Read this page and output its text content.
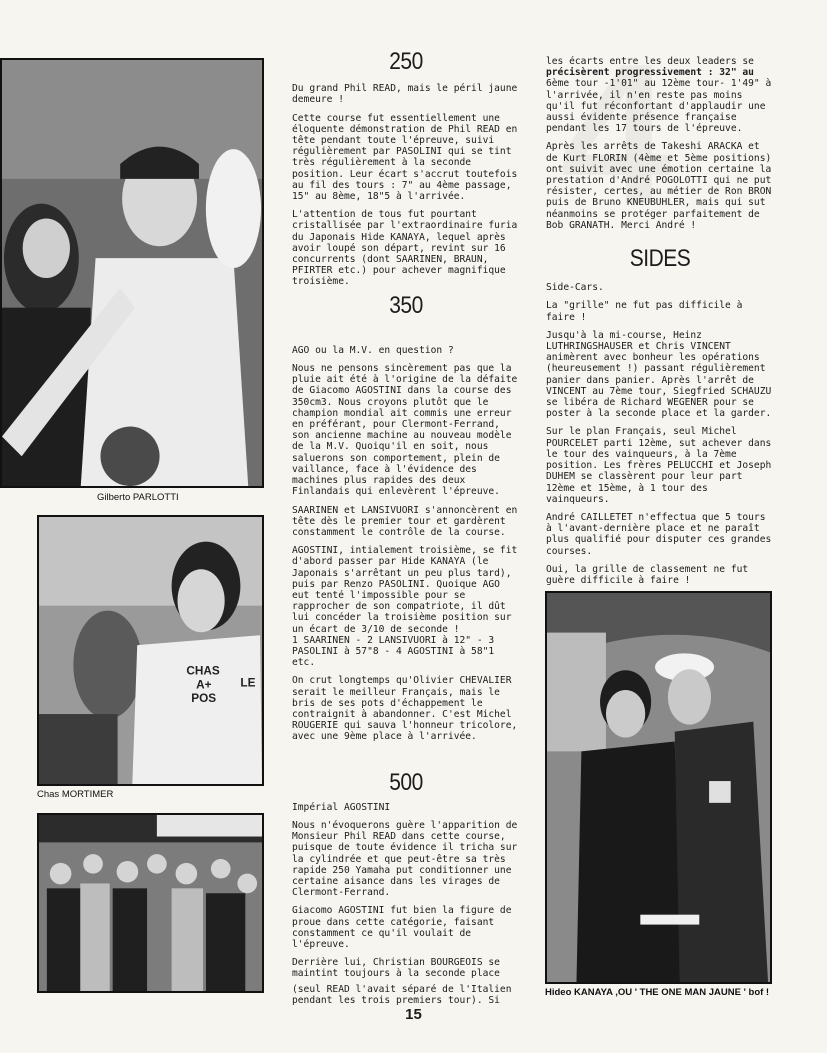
Gilberto PARLOTTI
CHAS
A+
POS
LE
Chas MORTIMER
Hideo KANAYA ,OU ' THE ONE MAN JAUNE ' bof !
250

Du grand Phil READ, mais le péril jaune demeure !

Cette course fut essentiellement une éloquente démonstration de Phil READ en tête pendant toute l'épreuve, suivi régulièrement par PASOLINI qui se tint très régulièrement à la seconde position. Leur écart s'accrut toutefois au fil des tours : 7" au 4ème passage, 15" au 8ème, 18"5 à l'arrivée.

L'attention de tous fut pourtant cristallisée par l'extraordinaire furia du Japonais Hide KANAYA, lequel après avoir loupé son départ, revint sur 16 concurrents (dont SAARINEN, BRAUN, PFIRTER etc.) pour achever magnifique troisième.

350

AGO ou la M.V. en question ?

Nous ne pensons sincèrement pas que la pluie ait été à l'origine de la défaite de Giacomo AGOSTINI dans la course des 350cm3. Nous croyons plutôt que le champion mondial ait commis une erreur en préférant, pour Clermont-Ferrand, son ancienne machine au nouveau modèle de la M.V. Quoiqu'il en soit, nous saluerons son comportement, plein de vaillance, face à l'évidence des machines plus rapides des deux Finlandais qui enlevèrent l'épreuve.

SAARINEN et LANSIVUORI s'annoncèrent en tête dès le premier tour et gardèrent constamment le contrôle de la course.

AGOSTINI, intialement troisième, se fit d'abord passer par Hide KANAYA (le Japonais s'arrêtant un peu plus tard), puis par Renzo PASOLINI. Quoique AGO eut tenté l'impossible pour se rapprocher de son compatriote, il dût lui concéder la troisième position sur un écart de 3/10 de seconde !

1 SAARINEN - 2 LANSIVUORI à 12" - 3 PASOLINI à 57"8 - 4 AGOSTINI à 58"1 etc.

On crut longtemps qu'Olivier CHEVALIER serait le meilleur Français, mais le bris de ses pots d'échappement le contraignit à abandonner. C'est Michel ROUGERIE qui sauva l'honneur tricolore, avec une 9ème place à l'arrivée.

500

Impérial AGOSTINI

Nous n'évoquerons guère l'apparition de Monsieur Phil READ dans cette course, puisque de toute évidence il tricha sur la cylindrée et que peut-être sa très rapide 250 Yamaha put conditionner une certaine aisance dans les virages de Clermont-Ferrand.

Giacomo AGOSTINI fut bien la figure de proue dans cette catégorie, faisant constamment ce qu'il voulait de l'épreuve.

Derrière lui, Christian BOURGEOIS se maintint toujours à la seconde place

(seul READ l'avait séparé de l'Italien pendant les trois premiers tour). Si

les écarts entre les deux leaders se

précisèrent progressivement : 32" au

6ème tour -1'01" au 12ème tour- 1'49" à l'arrivée, il n'en reste pas moins qu'il fut réconfortant d'applaudir une aussi évidente présence française pendant les 17 tours de l'épreuve.

Après les arrêts de Takeshi ARACKA et de Kurt FLORIN (4ème et 5ème positions) ont suivit avec une émotion certaine la prestation d'André POGOLOTTI qui ne put résister, certes, au métier de Ron BRON puis de Bruno KNEUBUHLER, mais qui sut néanmoins se protéger parfaitement de Bob GRANATH. Merci André !

SIDES

Side-Cars.

La "grille" ne fut pas difficile à faire !

Jusqu'à la mi-course, Heinz LUTHRINGSHAUSER et Chris VINCENT animèrent avec bonheur les opérations (heureusement !) passant régulièrement panier dans panier. Après l'arrêt de VINCENT au 7ème tour, Siegfried SCHAUZU se libéra de Richard WEGENER pour se poster à la seconde place et la garder.

Sur le plan Français, seul Michel POURCELET parti 12ème, sut achever dans le tour des vainqueurs, à la 7ème position. Les frères PELUCCHI et Joseph DUHEM se classèrent pour leur part 12ème et 15ème, à 1 tour des vainqueurs.

André CAILLETET n'effectua que 5 tours à l'avant-dernière place et ne paraît plus qualifié pour disputer ces grandes courses.

Oui, la grille de classement ne fut guère difficile à faire !

15
